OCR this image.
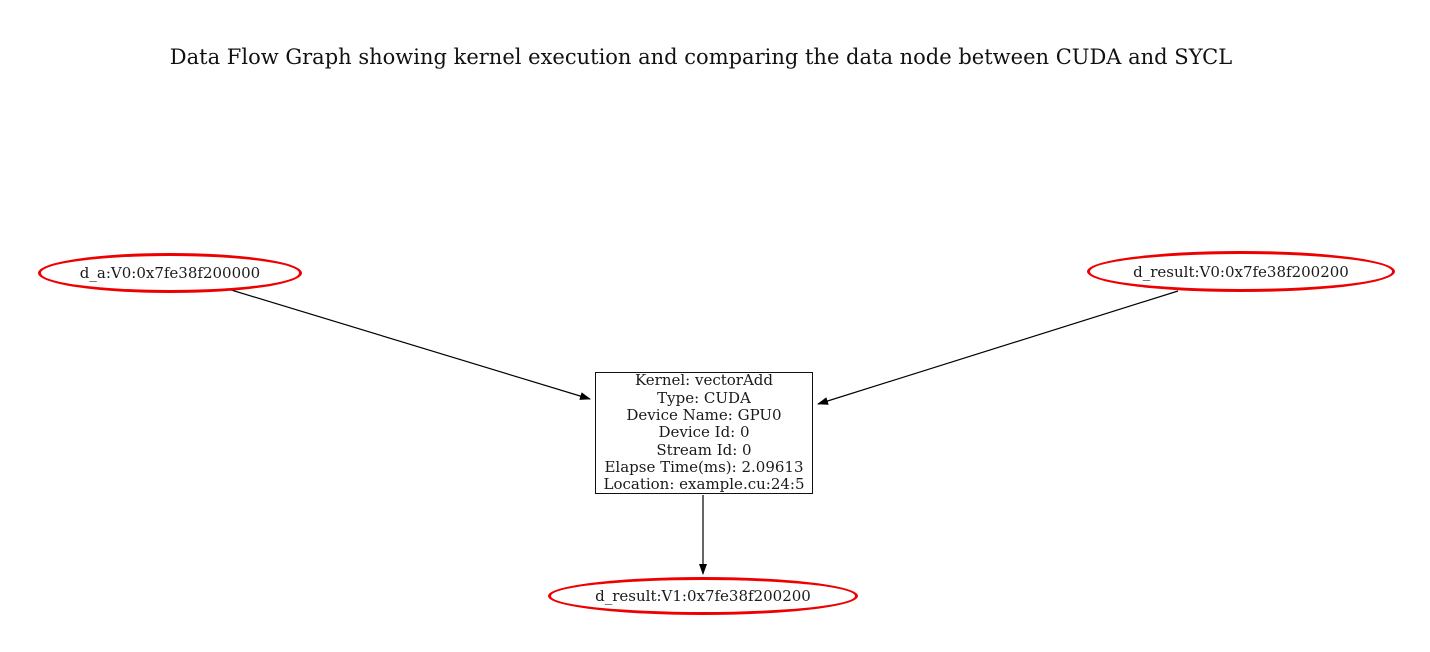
Data Flow Graph showing kernel execution and comparing the data node between CUDA and SYCL
d_a:V0:0x7fe38f200000	d_result:V0:0x7fe38f200200
Kernel: vectorAdd
Type: CUDA
Device Name: GPU0
Device Id: 0
Stream Id: 0
Elapse Time(ms): 2.09613
Location: example.cu:24:5
d_result:V1:0x7fe38f200200
